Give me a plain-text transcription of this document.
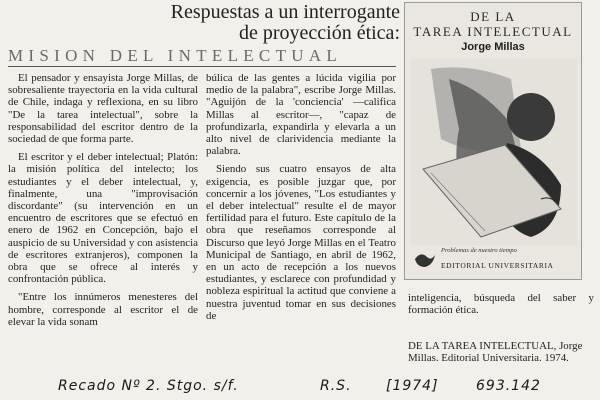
Respuestas a un interrogante
de proyección ética:
MISION DEL INTELECTUAL

El pensador y ensayista Jorge Millas, de sobresaliente trayectoria en la vida cultural de Chile, indaga y reflexiona, en su libro "De la tarea intelectual", sobre la responsabilidad del escritor dentro de la sociedad de que forma parte.

El escritor y el deber intelectual; Platón: la misión política del intelecto; los estudiantes y el deber intelectual, y, finalmente, una "improvisación discordante" (su intervención en un encuentro de escritores que se efectuó en enero de 1962 en Concepción, bajo el auspicio de su Universidad y con asistencia de escritores extranjeros), componen la obra que se ofrece al interés y confrontación pública.

"Entre los innúmeros menesteres del hombre, corresponde al escritor el de elevar la vida sonam

búlica de las gentes a lúcida vigilia por medio de la palabra", escribe Jorge Millas. "Aguijón de la 'conciencia' —califica Millas al escritor—, "capaz de profundizarla, expandirla y elevarla a un alto nivel de clarividencia mediante la palabra.

Siendo sus cuatro ensayos de alta exigencia, es posible juzgar que, por concernir a los jóvenes, "Los estudiantes y el deber intelectual" resulte el de mayor fertilidad para el futuro. Este capítulo de la obra que reseñamos corresponde al Discurso que leyó Jorge Millas en el Teatro Municipal de Santiago, en abril de 1962, en un acto de recepción a los nuevos estudiantes, y esclarece con profundidad y nobleza espiritual la actitud que conviene a nuestra juventud tomar en sus decisiones de

DE LA
TAREA INTELECTUAL
Jorge Millas
Problemas de nuestro tiempo
EDITORIAL UNIVERSITARIA

inteligencia, búsqueda del saber y formación ética.

DE LA TAREA INTELECTUAL, Jorge Millas. Editorial Universitaria. 1974.
Recado Nº 2. Stgo. s/f.	R.S. [1974]	693.142
